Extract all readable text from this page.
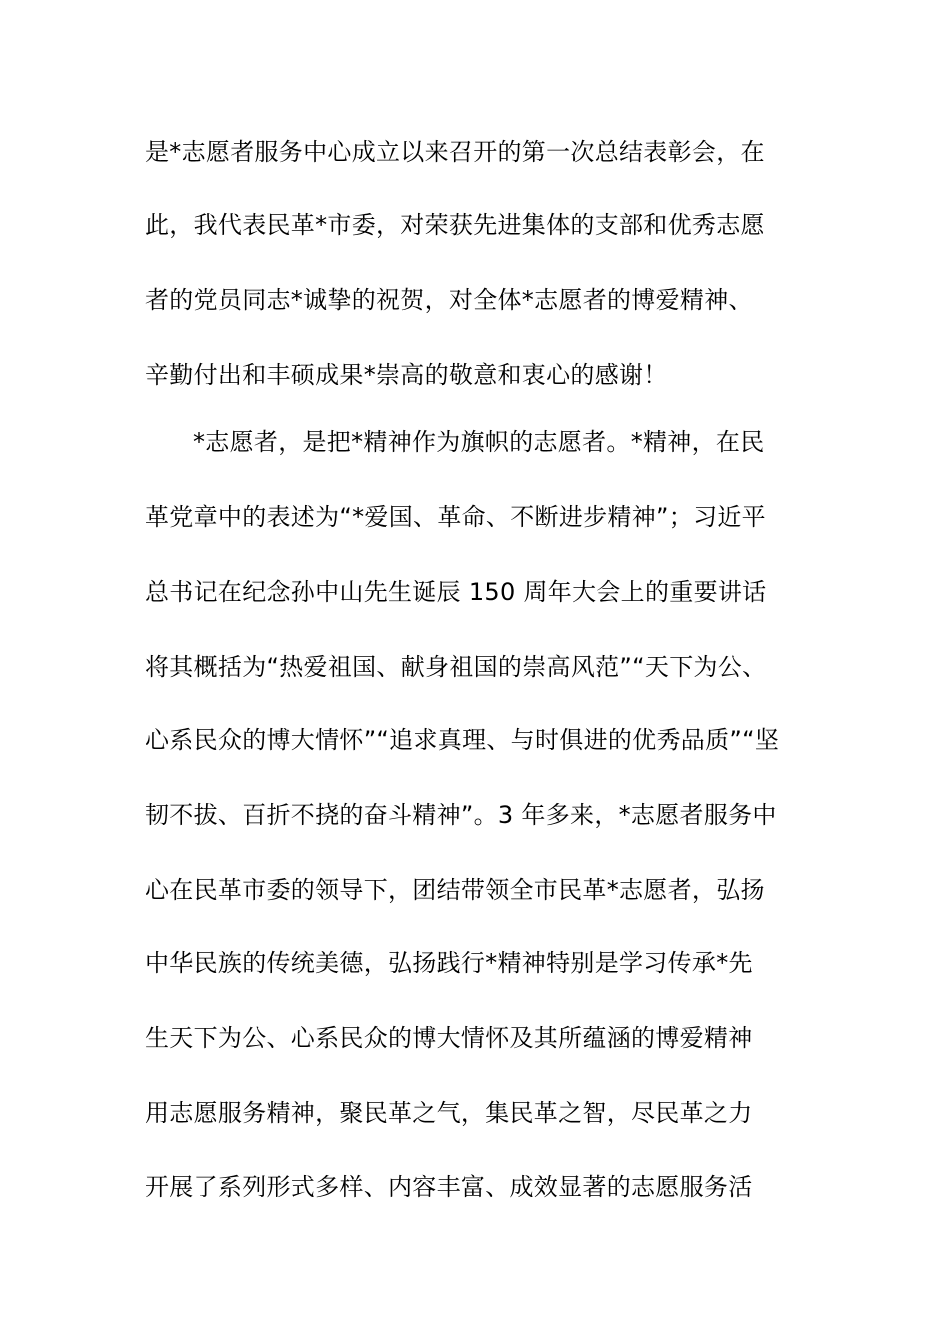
是*志愿者服务中心成立以来召开的第一次总结表彰会，在
此，我代表民革*市委，对荣获先进集体的支部和优秀志愿
者的党员同志*诚挚的祝贺，对全体*志愿者的博爱精神、
辛勤付出和丰硕成果*崇高的敬意和衷心的感谢！
*志愿者，是把*精神作为旗帜的志愿者。*精神，在民
革党章中的表述为“*爱国、革命、不断进步精神”；习近平
总书记在纪念孙中山先生诞辰 150 周年大会上的重要讲话
将其概括为“热爱祖国、献身祖国的崇高风范”“天下为公、
心系民众的博大情怀”“追求真理、与时俱进的优秀品质”“坚
韧不拔、百折不挠的奋斗精神”。3 年多来，*志愿者服务中
心在民革市委的领导下，团结带领全市民革*志愿者，弘扬
中华民族的传统美德，弘扬践行*精神特别是学习传承*先
生天下为公、心系民众的博大情怀及其所蕴涵的博爱精神
用志愿服务精神，聚民革之气，集民革之智，尽民革之力
开展了系列形式多样、内容丰富、成效显著的志愿服务活
